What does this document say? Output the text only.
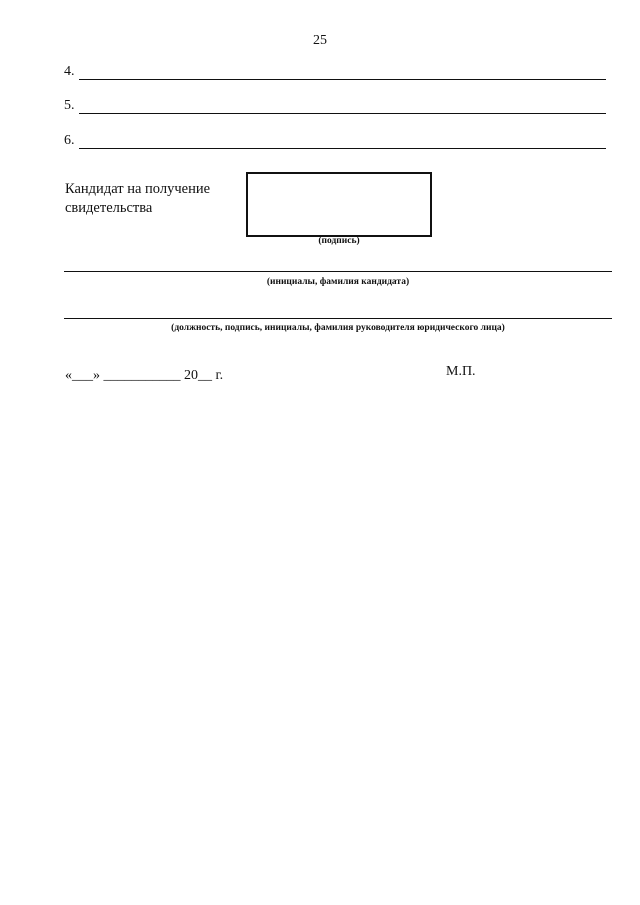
25
4.
5.
6.
Кандидат на получение
свидетельства
(подпись)
(инициалы, фамилия кандидата)
(должность, подпись, инициалы, фамилия руководителя юридического лица)
«___» ___________ 20__ г.	М.П.
